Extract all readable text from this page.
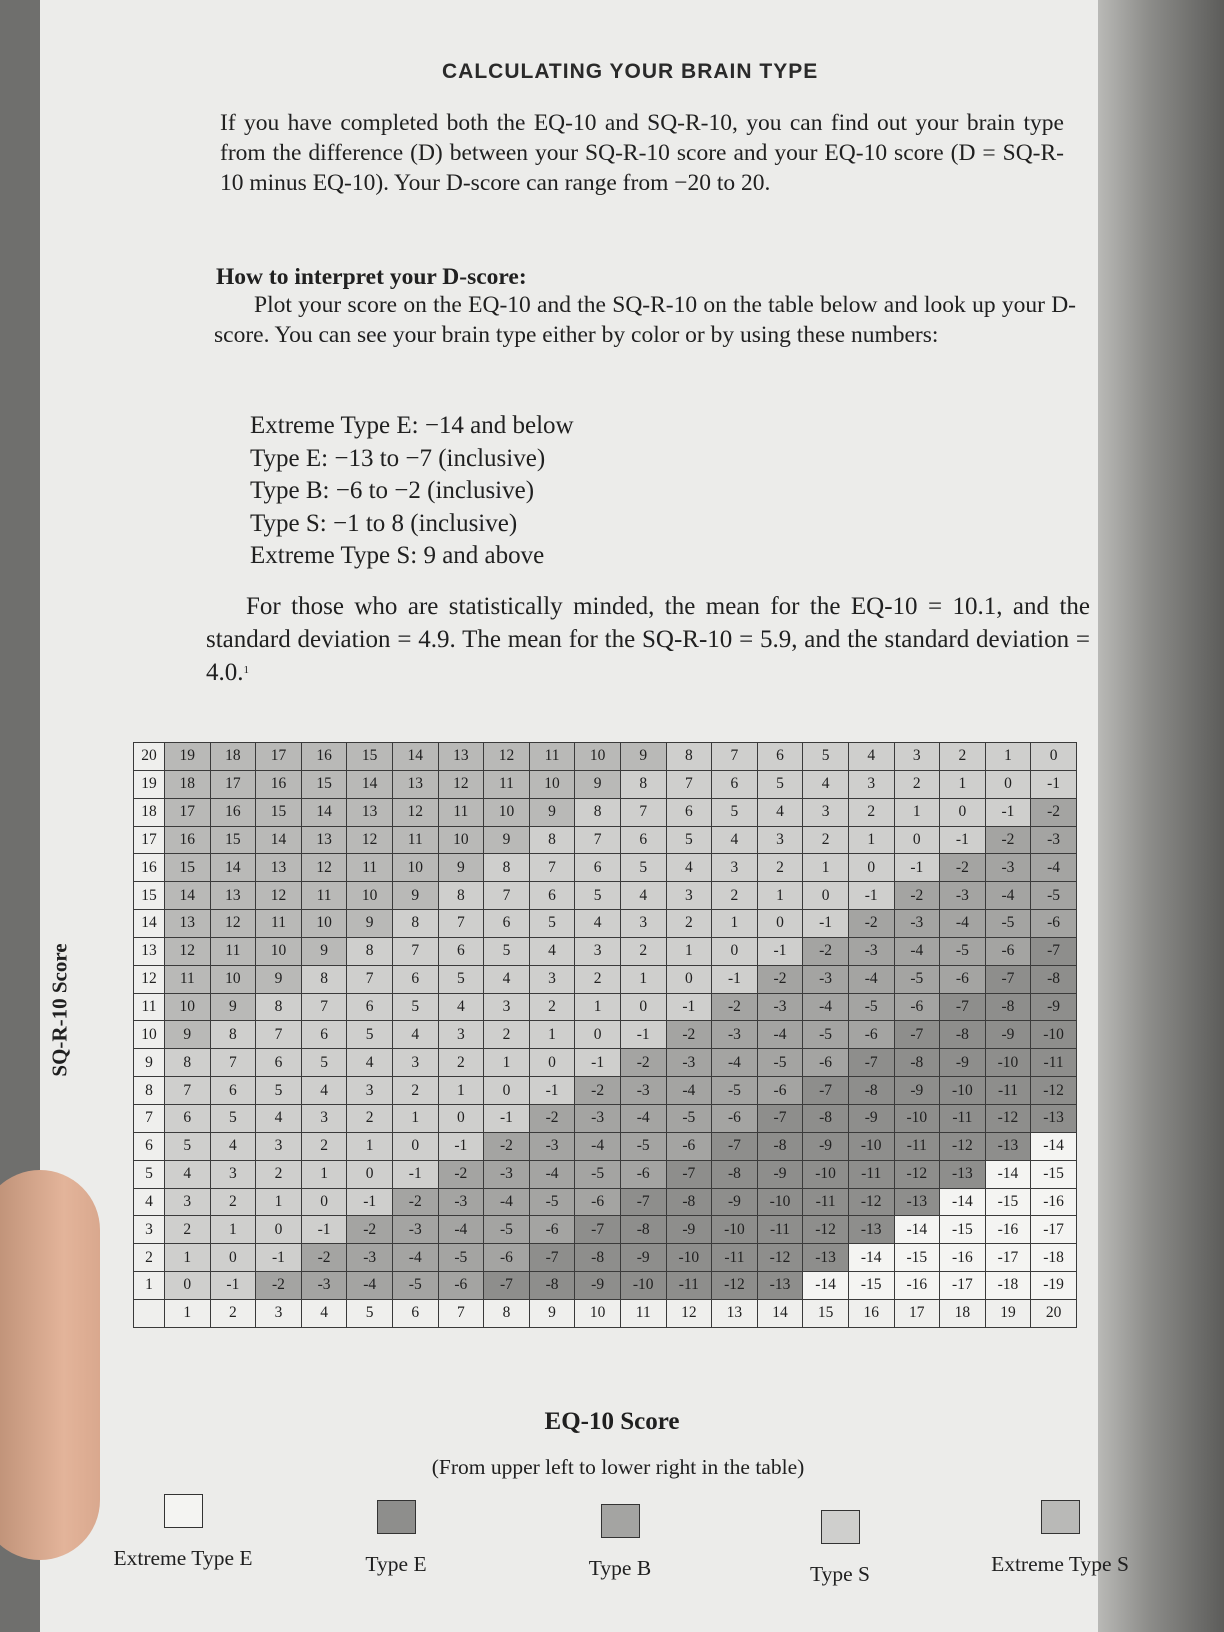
CALCULATING YOUR BRAIN TYPE

If you have completed both the EQ-10 and SQ-R-10, you can find out your brain type from the difference (D) between your SQ-R-10 score and your EQ-10 score (D = SQ-R-10 minus EQ-10). Your D-score can range from −20 to 20.

How to interpret your D-score:

Plot your score on the EQ-10 and the SQ-R-10 on the table below and look up your D-score. You can see your brain type either by color or by using these numbers:

Extreme Type E: −14 and below
Type E: −13 to −7 (inclusive)
Type B: −6 to −2 (inclusive)
Type S: −1 to 8 (inclusive)
Extreme Type S: 9 and above

For those who are statistically minded, the mean for the EQ-10 = 10.1, and the standard deviation = 4.9. The mean for the SQ-R-10 = 5.9, and the standard deviation = 4.0.$^1$

SQ-R-10 Score
20	19	18	17	16	15	14	13	12	11	10	9	8	7	6	5	4	3	2	1	0
19	18	17	16	15	14	13	12	11	10	9	8	7	6	5	4	3	2	1	0	-1
18	17	16	15	14	13	12	11	10	9	8	7	6	5	4	3	2	1	0	-1	-2
17	16	15	14	13	12	11	10	9	8	7	6	5	4	3	2	1	0	-1	-2	-3
16	15	14	13	12	11	10	9	8	7	6	5	4	3	2	1	0	-1	-2	-3	-4
15	14	13	12	11	10	9	8	7	6	5	4	3	2	1	0	-1	-2	-3	-4	-5
14	13	12	11	10	9	8	7	6	5	4	3	2	1	0	-1	-2	-3	-4	-5	-6
13	12	11	10	9	8	7	6	5	4	3	2	1	0	-1	-2	-3	-4	-5	-6	-7
12	11	10	9	8	7	6	5	4	3	2	1	0	-1	-2	-3	-4	-5	-6	-7	-8
11	10	9	8	7	6	5	4	3	2	1	0	-1	-2	-3	-4	-5	-6	-7	-8	-9
10	9	8	7	6	5	4	3	2	1	0	-1	-2	-3	-4	-5	-6	-7	-8	-9	-10
9	8	7	6	5	4	3	2	1	0	-1	-2	-3	-4	-5	-6	-7	-8	-9	-10	-11
8	7	6	5	4	3	2	1	0	-1	-2	-3	-4	-5	-6	-7	-8	-9	-10	-11	-12
7	6	5	4	3	2	1	0	-1	-2	-3	-4	-5	-6	-7	-8	-9	-10	-11	-12	-13
6	5	4	3	2	1	0	-1	-2	-3	-4	-5	-6	-7	-8	-9	-10	-11	-12	-13	-14
5	4	3	2	1	0	-1	-2	-3	-4	-5	-6	-7	-8	-9	-10	-11	-12	-13	-14	-15
4	3	2	1	0	-1	-2	-3	-4	-5	-6	-7	-8	-9	-10	-11	-12	-13	-14	-15	-16
3	2	1	0	-1	-2	-3	-4	-5	-6	-7	-8	-9	-10	-11	-12	-13	-14	-15	-16	-17
2	1	0	-1	-2	-3	-4	-5	-6	-7	-8	-9	-10	-11	-12	-13	-14	-15	-16	-17	-18
1	0	-1	-2	-3	-4	-5	-6	-7	-8	-9	-10	-11	-12	-13	-14	-15	-16	-17	-18	-19
	1	2	3	4	5	6	7	8	9	10	11	12	13	14	15	16	17	18	19	20
EQ-10 Score
(From upper left to lower right in the table)
Extreme Type E	Type E	Type B	Type S	Extreme Type S
